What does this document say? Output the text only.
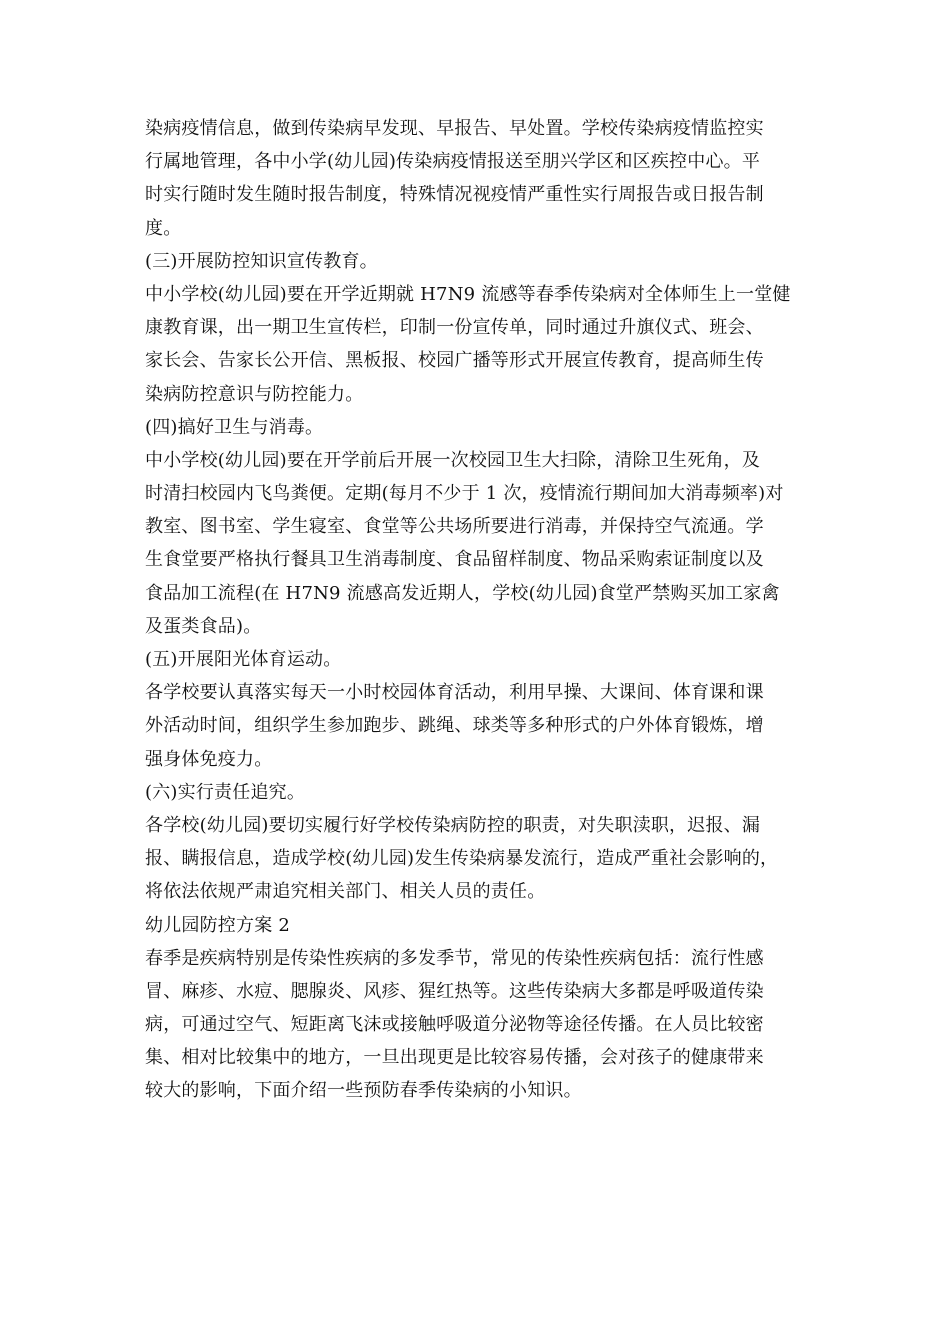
染病疫情信息，做到传染病早发现、早报告、早处置。学校传染病疫情监控实
行属地管理，各中小学(幼儿园)传染病疫情报送至朋兴学区和区疾控中心。平
时实行随时发生随时报告制度，特殊情况视疫情严重性实行周报告或日报告制
度。
(三)开展防控知识宣传教育。
中小学校(幼儿园)要在开学近期就 H7N9 流感等春季传染病对全体师生上一堂健
康教育课，出一期卫生宣传栏，印制一份宣传单，同时通过升旗仪式、班会、
家长会、告家长公开信、黑板报、校园广播等形式开展宣传教育，提高师生传
染病防控意识与防控能力。
(四)搞好卫生与消毒。
中小学校(幼儿园)要在开学前后开展一次校园卫生大扫除，清除卫生死角，及
时清扫校园内飞鸟粪便。定期(每月不少于 1 次，疫情流行期间加大消毒频率)对
教室、图书室、学生寝室、食堂等公共场所要进行消毒，并保持空气流通。学
生食堂要严格执行餐具卫生消毒制度、食品留样制度、物品采购索证制度以及
食品加工流程(在 H7N9 流感高发近期人，学校(幼儿园)食堂严禁购买加工家禽
及蛋类食品)。
(五)开展阳光体育运动。
各学校要认真落实每天一小时校园体育活动，利用早操、大课间、体育课和课
外活动时间，组织学生参加跑步、跳绳、球类等多种形式的户外体育锻炼，增
强身体免疫力。
(六)实行责任追究。
各学校(幼儿园)要切实履行好学校传染病防控的职责，对失职渎职，迟报、漏
报、瞒报信息，造成学校(幼儿园)发生传染病暴发流行，造成严重社会影响的，
将依法依规严肃追究相关部门、相关人员的责任。
幼儿园防控方案 2
春季是疾病特别是传染性疾病的多发季节，常见的传染性疾病包括：流行性感
冒、麻疹、水痘、腮腺炎、风疹、猩红热等。这些传染病大多都是呼吸道传染
病，可通过空气、短距离飞沫或接触呼吸道分泌物等途径传播。在人员比较密
集、相对比较集中的地方，一旦出现更是比较容易传播，会对孩子的健康带来
较大的影响，下面介绍一些预防春季传染病的小知识。
